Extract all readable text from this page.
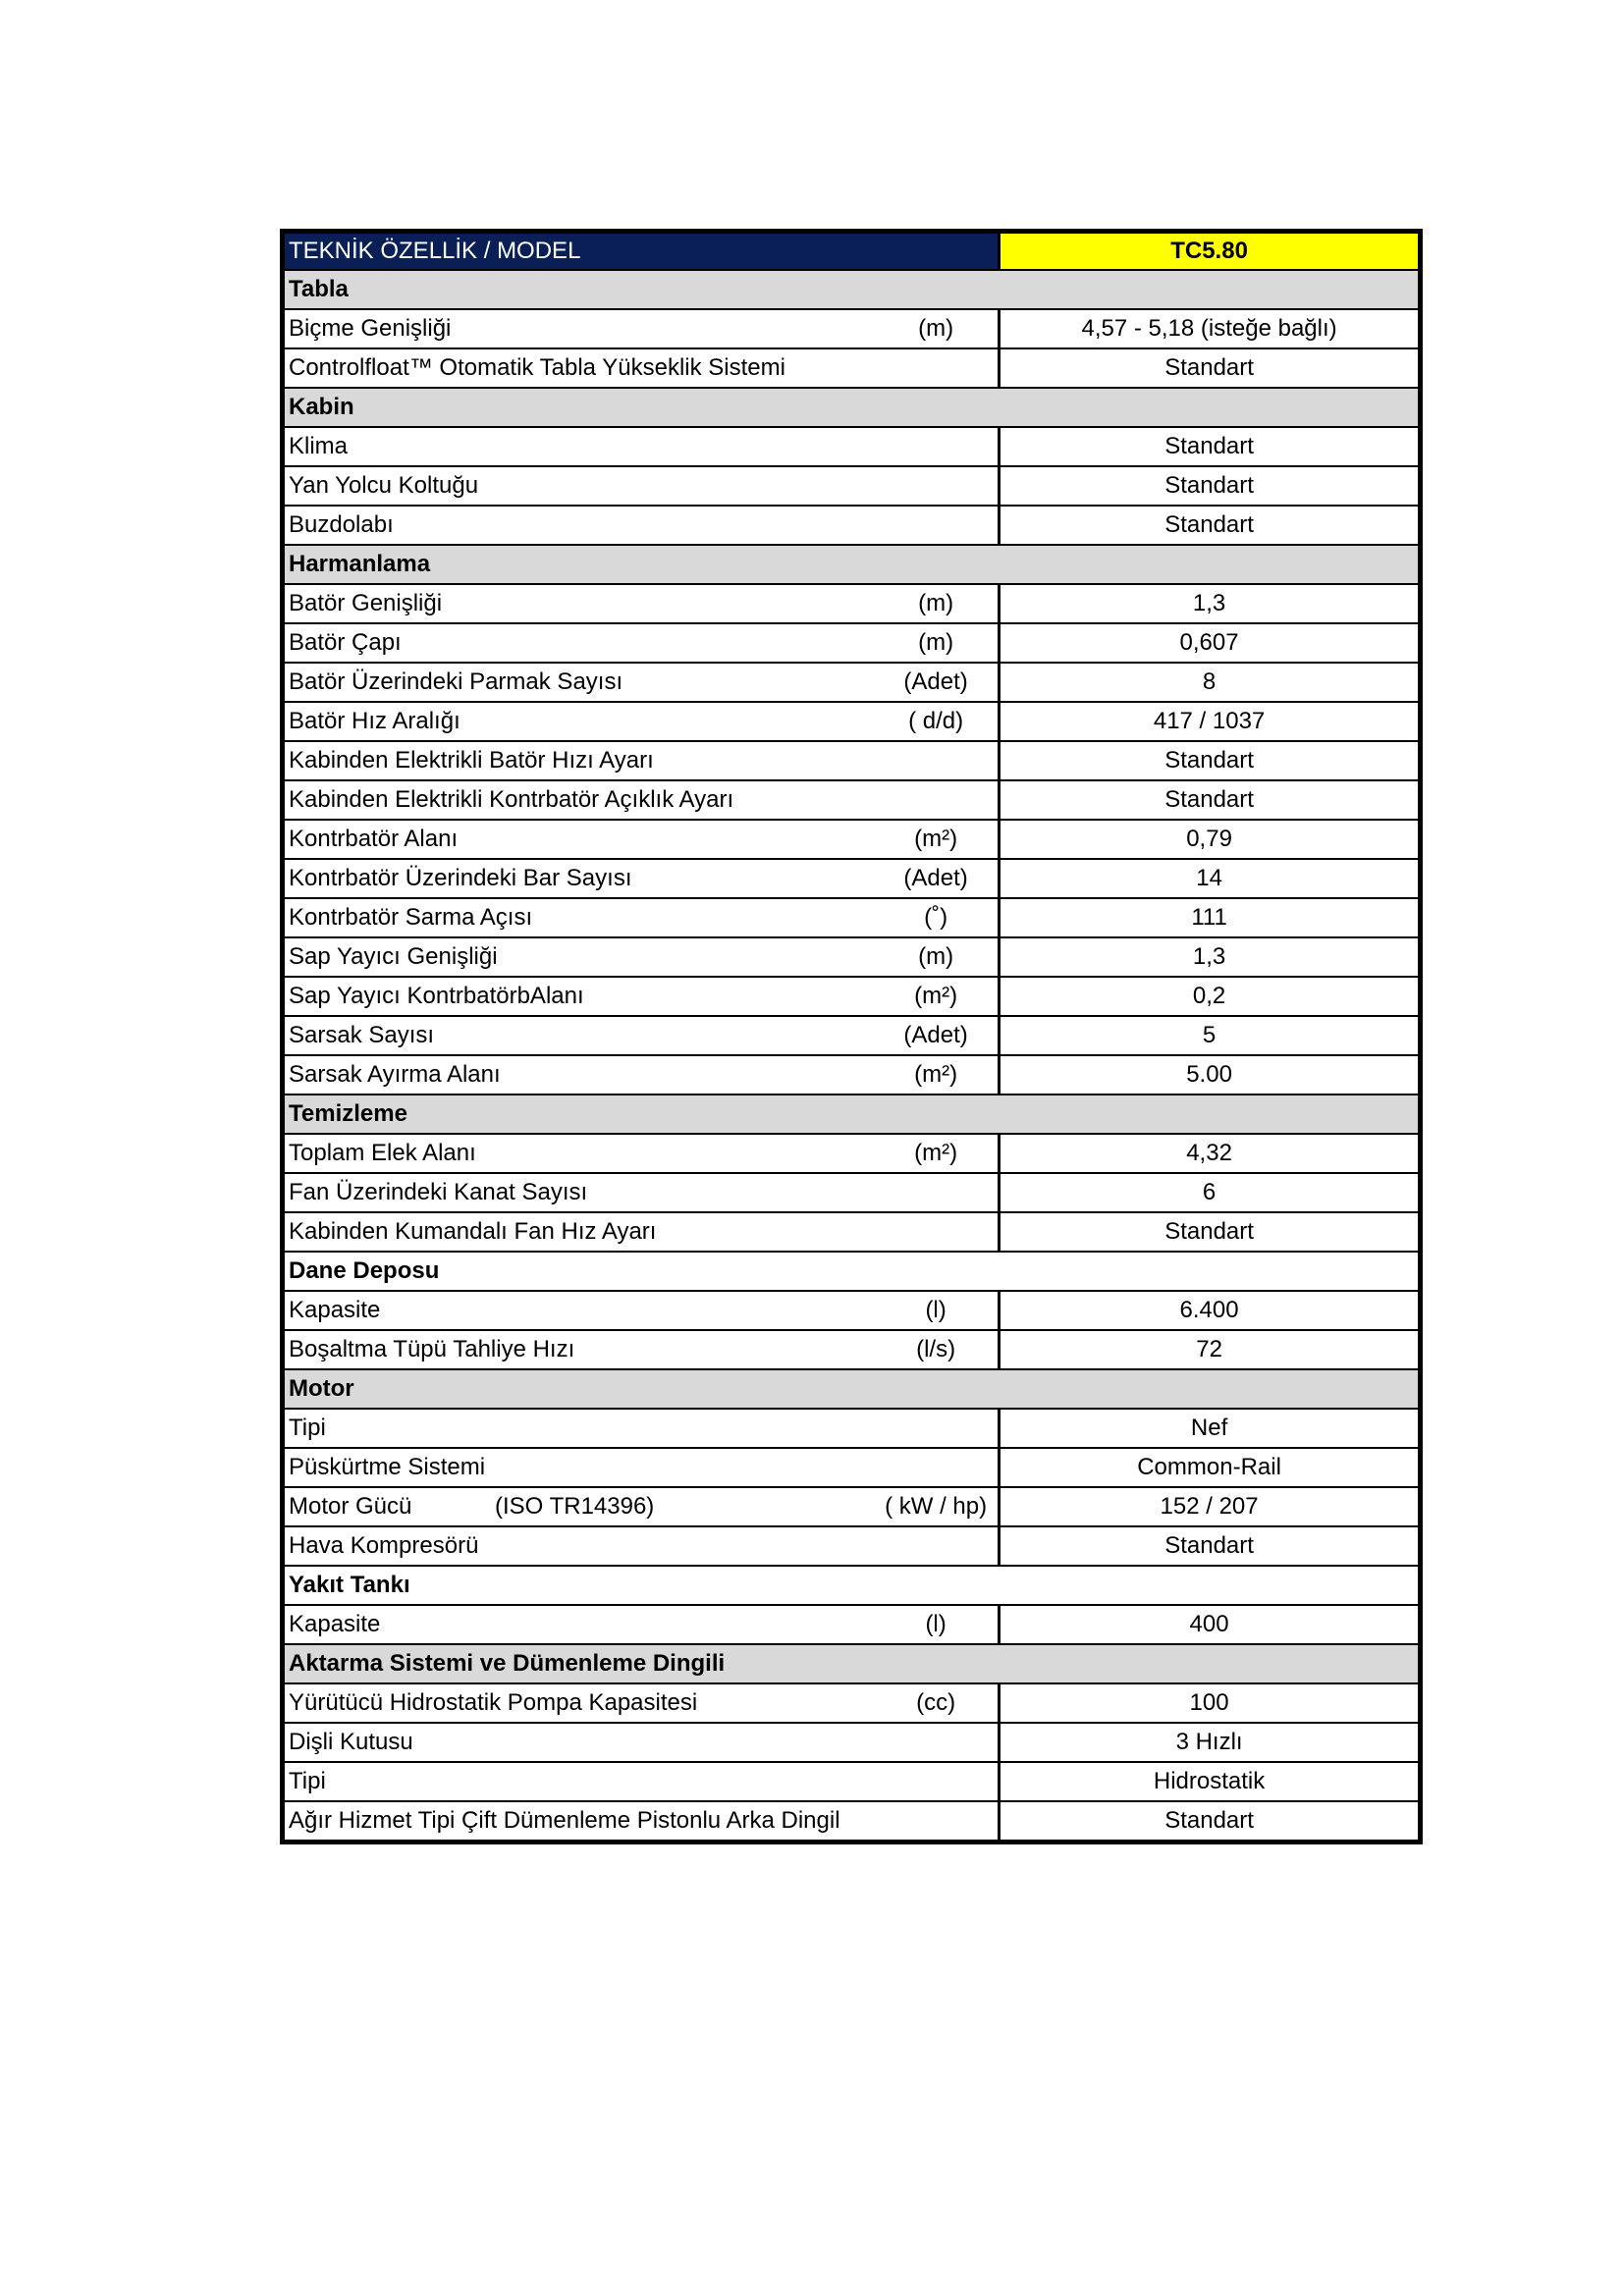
TEKNİK ÖZELLİK / MODEL		TC5.80
Tabla		
Biçme Genişliği	(m)	4,57 - 5,18 (isteğe bağlı)
Controlfloat™ Otomatik Tabla Yükseklik Sistemi		Standart
Kabin		
Klima		Standart
Yan Yolcu Koltuğu		Standart
Buzdolabı		Standart
Harmanlama		
Batör Genişliği	(m)	1,3
Batör Çapı	(m)	0,607
Batör Üzerindeki Parmak Sayısı	(Adet)	8
Batör Hız Aralığı	( d/d)	417 / 1037
Kabinden Elektrikli Batör Hızı Ayarı		Standart
Kabinden Elektrikli Kontrbatör Açıklık Ayarı		Standart
Kontrbatör Alanı	(m²)	0,79
Kontrbatör Üzerindeki Bar Sayısı	(Adet)	14
Kontrbatör Sarma Açısı	(˚)	111
Sap Yayıcı Genişliği	(m)	1,3
Sap Yayıcı KontrbatörbAlanı	(m²)	0,2
Sarsak Sayısı	(Adet)	5
Sarsak Ayırma Alanı	(m²)	5.00
Temizleme		
Toplam Elek Alanı	(m²)	4,32
Fan Üzerindeki Kanat Sayısı		6
Kabinden Kumandalı Fan Hız Ayarı		Standart
Dane Deposu		
Kapasite	(l)	6.400
Boşaltma Tüpü Tahliye Hızı	(l/s)	72
Motor		
Tipi		Nef
Püskürtme Sistemi		Common-Rail
Motor Gücü (ISO TR14396)	( kW / hp)	152 / 207
Hava Kompresörü		Standart
Yakıt Tankı		
Kapasite	(l)	400
Aktarma Sistemi ve Dümenleme Dingili		
Yürütücü Hidrostatik Pompa Kapasitesi	(cc)	100
Dişli Kutusu		3 Hızlı
Tipi		Hidrostatik
Ağır Hizmet Tipi Çift Dümenleme Pistonlu Arka Dingil		Standart
